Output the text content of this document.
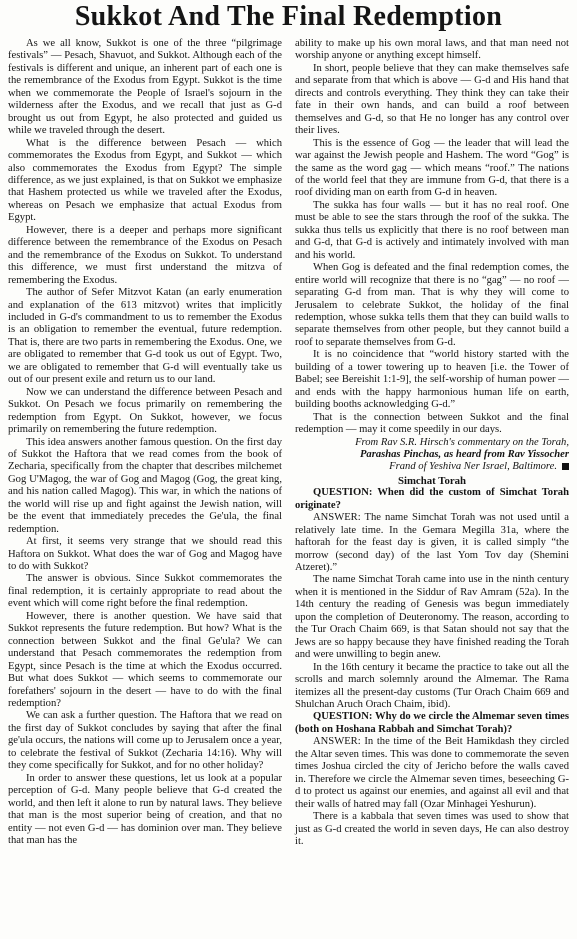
Sukkot And The Final Redemption

As we all know, Sukkot is one of the three “pilgrimage festivals” — Pesach, Shavuot, and Sukkot. Although each of the festivals is different and unique, an inherent part of each one is the remembrance of the Exodus from Egypt. Sukkot is the time when we commemorate the People of Israel's sojourn in the wilderness after the Exodus, and we recall that just as G-d brought us out from Egypt, he also protected and guided us while we traveled through the desert.

What is the difference between Pesach — which commemorates the Exodus from Egypt, and Sukkot — which also commemorates the Exodus from Egypt? The simple difference, as we just explained, is that on Sukkot we emphasize that Hashem protected us while we traveled after the Exodus, whereas on Pesach we emphasize that actual Exodus from Egypt.

However, there is a deeper and perhaps more significant difference between the remembrance of the Exodus on Pesach and the remembrance of the Exodus on Sukkot. To understand this difference, we must first understand the mitzva of remembering the Exodus.

The author of Sefer Mitzvot Katan (an early enumeration and explanation of the 613 mitzvot) writes that implicitly included in G-d's commandment to us to remember the Exodus is an obligation to remember the eventual, future redemption. That is, there are two parts in remembering the Exodus. One, we are obligated to remember that G-d took us out of Egypt. Two, we are obligated to remember that G-d will eventually take us out of our present exile and return us to our land.

Now we can understand the difference between Pesach and Sukkot. On Pesach we focus primarily on remembering the redemption from Egypt. On Sukkot, however, we focus primarily on remembering the future redemption.

This idea answers another famous question. On the first day of Sukkot the Haftora that we read comes from the book of Zecharia, specifically from the chapter that describes milchemet Gog U'Magog, the war of Gog and Magog (Gog, the great king, and his nation called Magog). This war, in which the nations of the world will rise up and fight against the Jewish nation, will be the event that immediately precedes the Ge'ula, the final redemption.

At first, it seems very strange that we should read this Haftora on Sukkot. What does the war of Gog and Magog have to do with Sukkot?

The answer is obvious. Since Sukkot commemorates the final redemption, it is certainly appropriate to read about the event which will come right before the final redemption.

However, there is another question. We have said that Sukkot represents the future redemption. But how? What is the connection between Sukkot and the final Ge'ula? We can understand that Pesach commemorates the redemption from Egypt, since Pesach is the time at which the Exodus occurred. But what does Sukkot — which seems to commemorate our forefathers' sojourn in the desert — have to do with the final redemption?

We can ask a further question. The Haftora that we read on the first day of Sukkot concludes by saying that after the final ge'ula occurs, the nations will come up to Jerusalem once a year, to celebrate the festival of Sukkot (Zecharia 14:16). Why will they come specifically for Sukkot, and for no other holiday?

In order to answer these questions, let us look at a popular perception of G-d. Many people believe that G-d created the world, and then left it alone to run by natural laws. They believe that man is the most superior being of creation, and that no entity — not even G-d — has dominion over man. They believe that man has the

ability to make up his own moral laws, and that man need not worship anyone or anything except himself.

In short, people believe that they can make themselves safe and separate from that which is above — G-d and His hand that directs and controls everything. They think they can take their fate in their own hands, and can build a roof between themselves and G-d, so that He no longer has any control over their lives.

This is the essence of Gog — the leader that will lead the war against the Jewish people and Hashem. The word “Gog” is the same as the word gag — which means “roof.” The nations of the world feel that they are immune from G-d, that there is a roof dividing man on earth from G-d in heaven.

The sukka has four walls — but it has no real roof. One must be able to see the stars through the roof of the sukka. The sukka thus tells us explicitly that there is no roof between man and G-d, that G-d is actively and intimately involved with man and his world.

When Gog is defeated and the final redemption comes, the entire world will recognize that there is no “gag” — no roof — separating G-d from man. That is why they will come to Jerusalem to celebrate Sukkot, the holiday of the final redemption, whose sukka tells them that they can build walls to separate themselves from other people, but they cannot build a roof to separate themselves from G-d.

It is no coincidence that “world history started with the building of a tower towering up to heaven [i.e. the Tower of Babel; see Bereishit 1:1-9], the self-worship of human power — and ends with the happy harmonious human life on earth, building booths acknowledging G-d.”

That is the connection between Sukkot and the final redemption — may it come speedily in our days.

From Rav S.R. Hirsch's commentary on the Torah,
Parashas Pinchas, as heard from Rav Yissocher
Frand of Yeshiva Ner Israel, Baltimore.
Simchat Torah

QUESTION: When did the custom of Simchat Torah originate?

ANSWER: The name Simchat Torah was not used until a relatively late time. In the Gemara Megilla 31a, where the haftorah for the feast day is given, it is called simply “the morrow (second day) of the last Yom Tov day (Shemini Atzeret).”

The name Simchat Torah came into use in the ninth century when it is mentioned in the Siddur of Rav Amram (52a). In the 14th century the reading of Genesis was begun immediately upon the completion of Deuteronomy. The reason, according to the Tur Orach Chaim 669, is that Satan should not say that the Jews are so happy because they have finished reading the Torah and were unwilling to begin anew.

In the 16th century it became the practice to take out all the scrolls and march solemnly around the Almemar. The Rama itemizes all the present-day customs (Tur Orach Chaim 669 and Shulchan Aruch Orach Chaim, ibid).

QUESTION: Why do we circle the Almemar seven times (both on Hoshana Rabbah and Simchat Torah)?

ANSWER: In the time of the Beit Hamikdash they circled the Altar seven times. This was done to commemorate the seven times Joshua circled the city of Jericho before the walls caved in. Therefore we circle the Almemar seven times, beseeching G-d to protect us against our enemies, and against all evil and that their walls of hatred may fall (Ozar Minhagei Yeshurun).

There is a kabbala that seven times was used to show that just as G-d created the world in seven days, He can also destroy it.
